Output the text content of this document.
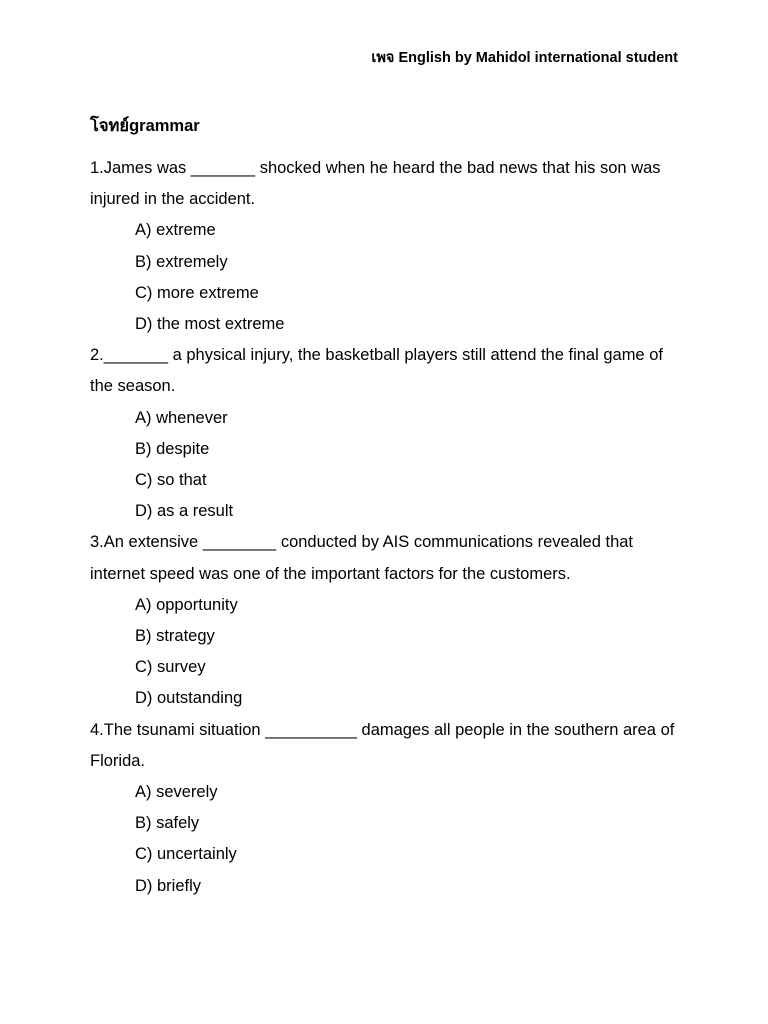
เพจ English by Mahidol international student
โจทย์grammar

1.James was _______ shocked when he heard the bad news that his son was injured in the accident.

A) extreme
B) extremely
C) more extreme
D) the most extreme

2._______ a physical injury, the basketball players still attend the final game of the season.

A) whenever
B) despite
C) so that
D) as a result

3.An extensive ________ conducted by AIS communications revealed that internet speed was one of the important factors for the customers.

A) opportunity
B) strategy
C) survey
D) outstanding

4.The tsunami situation __________ damages all people in the southern area of Florida.

A) severely
B) safely
C) uncertainly
D) briefly
